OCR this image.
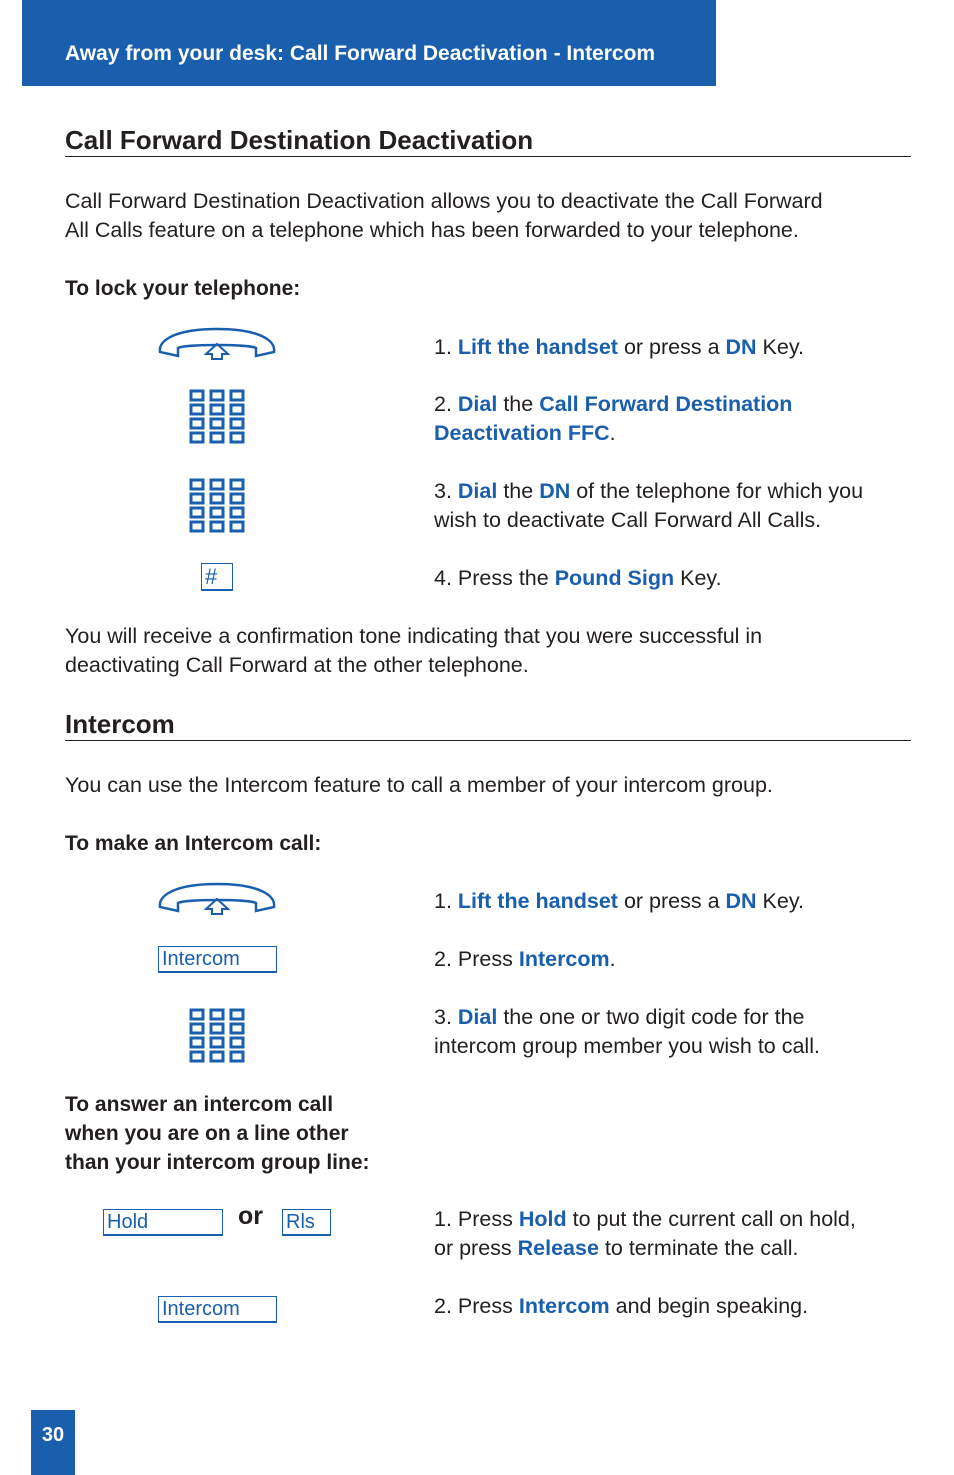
Away from your desk: Call Forward Deactivation - Intercom
Call Forward Destination Deactivation
Call Forward Destination Deactivation allows you to deactivate the Call Forward
All Calls feature on a telephone which has been forwarded to your telephone.
To lock your telephone:
#
1. Lift the handset or press a DN Key.
2. Dial the Call Forward Destination
Deactivation FFC.
3. Dial the DN of the telephone for which you
wish to deactivate Call Forward All Calls.
4. Press the Pound Sign Key.
You will receive a confirmation tone indicating that you were successful in
deactivating Call Forward at the other telephone.
Intercom
You can use the Intercom feature to call a member of your intercom group.
To make an Intercom call:
Intercom
1. Lift the handset or press a DN Key.
2. Press Intercom.
3. Dial the one or two digit code for the
intercom group member you wish to call.
To answer an intercom call
when you are on a line other
than your intercom group line:
Hold	or Rls	1. Press Hold to put the current call on hold,
or press Release to terminate the call.
Intercom	2. Press Intercom and begin speaking.
30
